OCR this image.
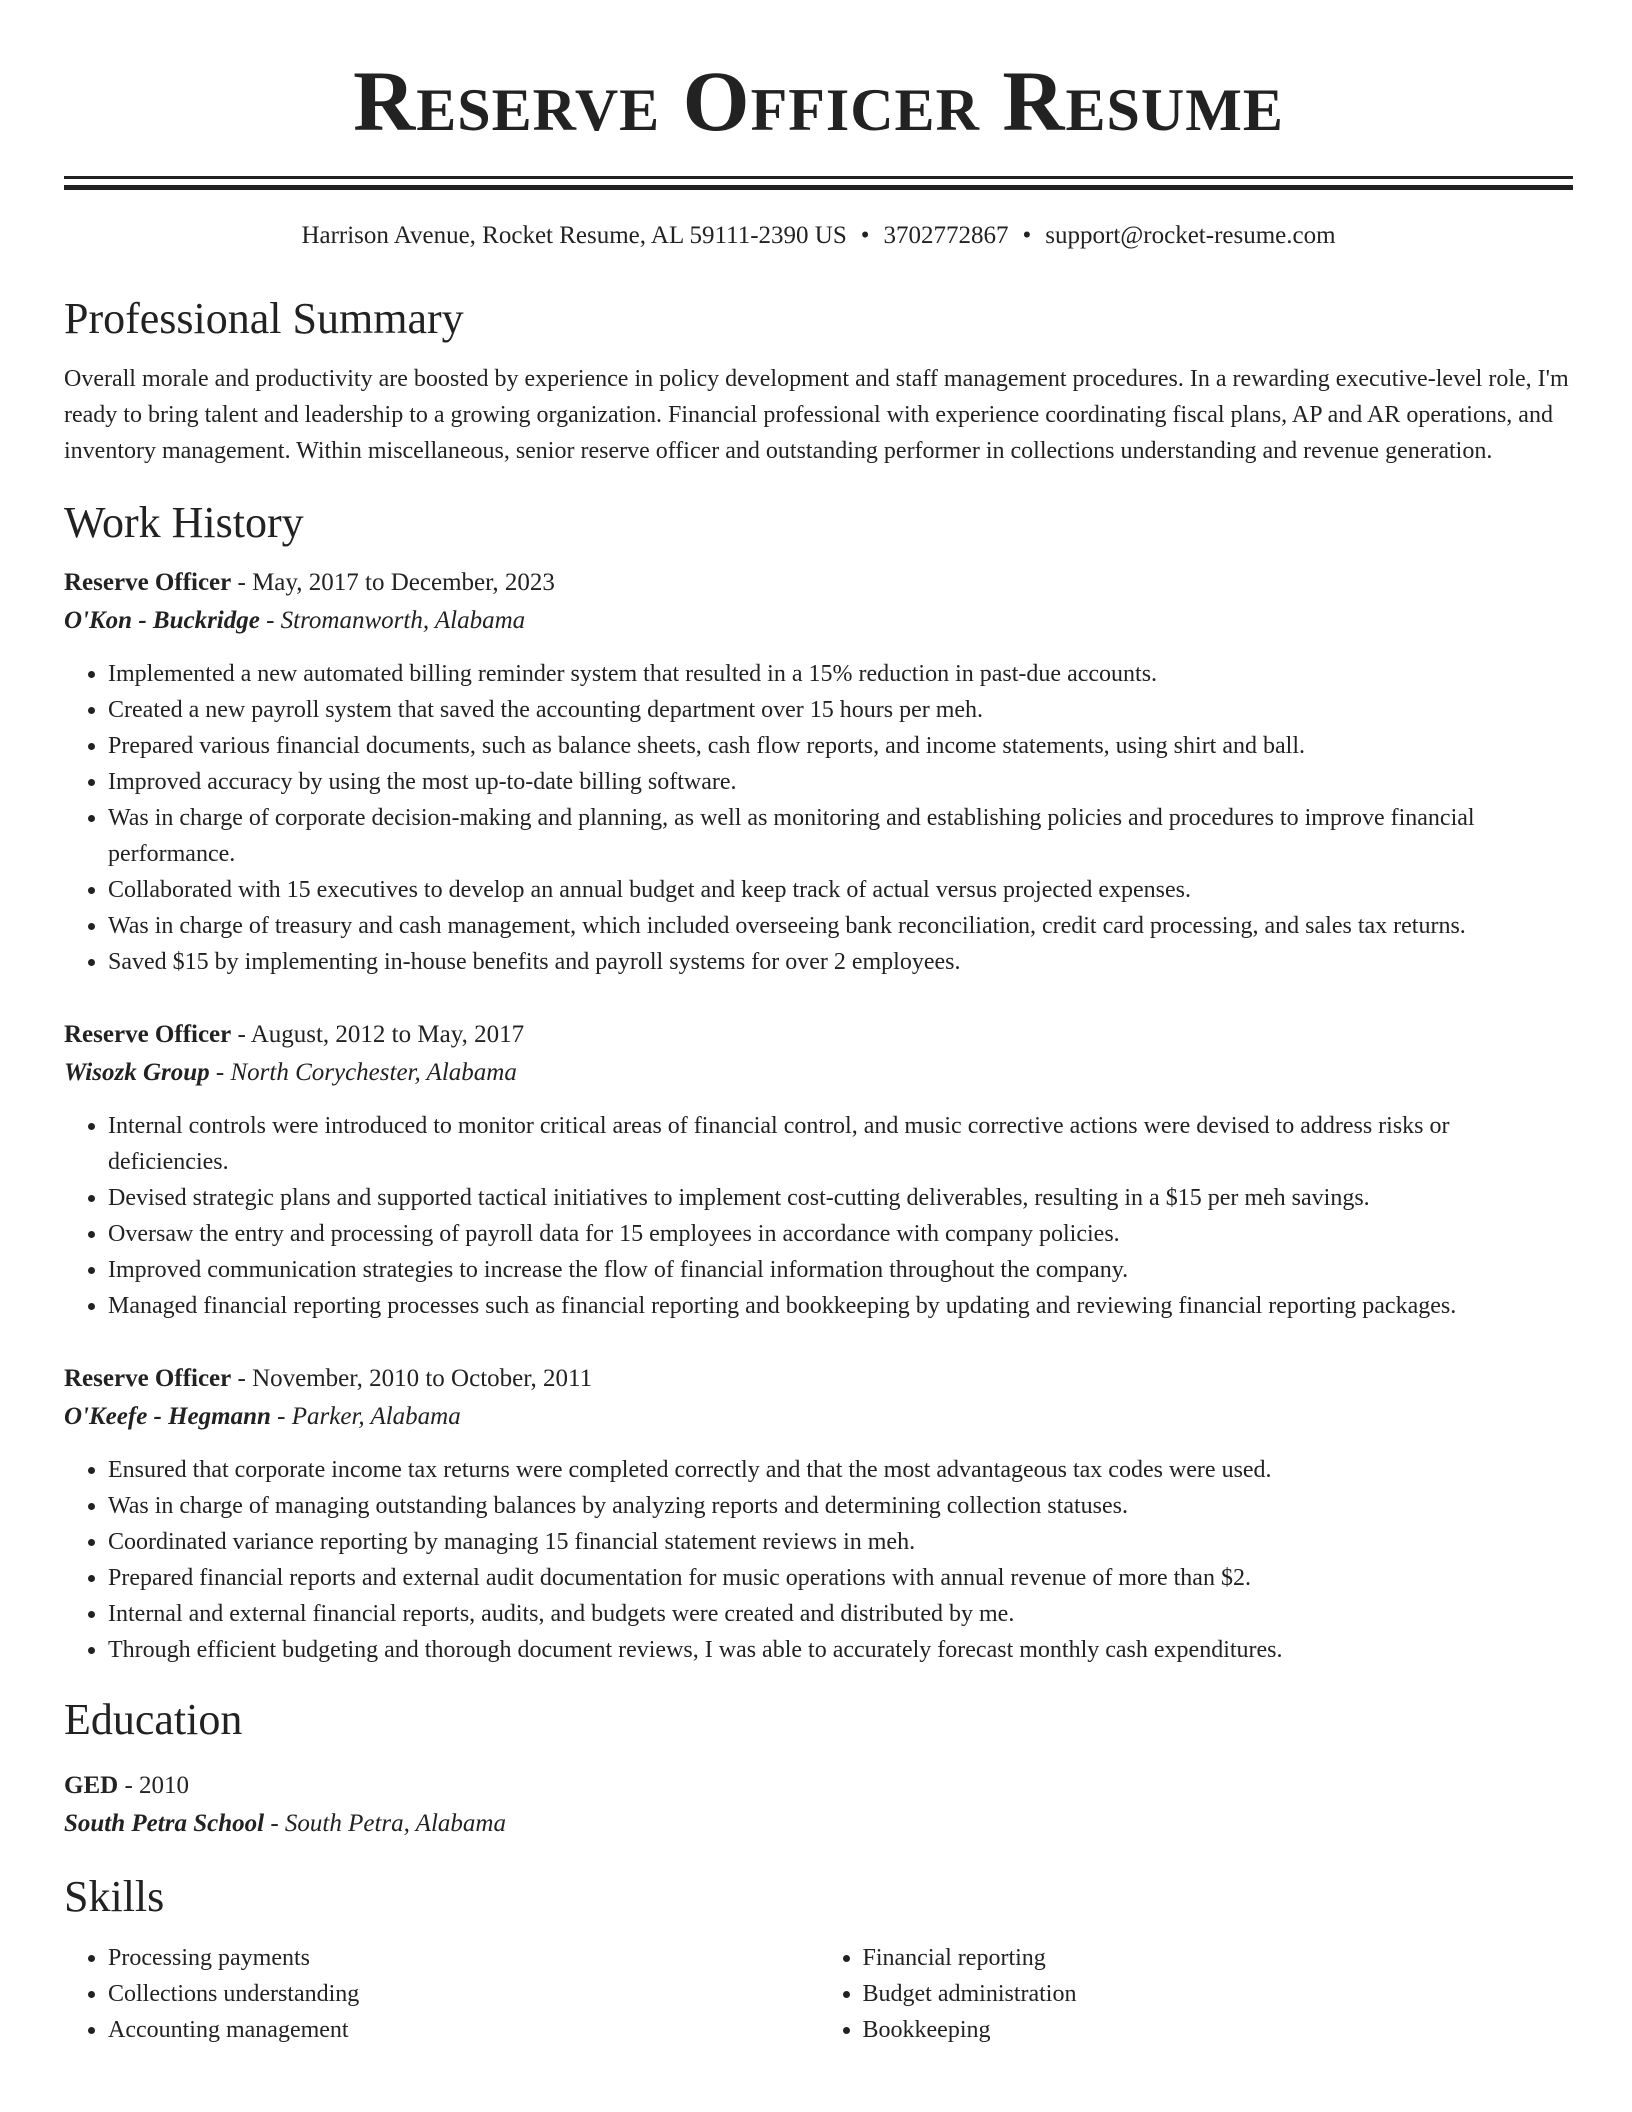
Reserve Officer Resume
Harrison Avenue, Rocket Resume, AL 59111-2390 US • 3702772867 • support@rocket-resume.com
Professional Summary
Overall morale and productivity are boosted by experience in policy development and staff management procedures. In a rewarding executive-level role, I'm ready to bring talent and leadership to a growing organization. Financial professional with experience coordinating fiscal plans, AP and AR operations, and inventory management. Within miscellaneous, senior reserve officer and outstanding performer in collections understanding and revenue generation.
Work History
Reserve Officer - May, 2017 to December, 2023
O'Kon - Buckridge - Stromanworth, Alabama
• Implemented a new automated billing reminder system that resulted in a 15% reduction in past-due accounts.
• Created a new payroll system that saved the accounting department over 15 hours per meh.
• Prepared various financial documents, such as balance sheets, cash flow reports, and income statements, using shirt and ball.
• Improved accuracy by using the most up-to-date billing software.
• Was in charge of corporate decision-making and planning, as well as monitoring and establishing policies and procedures to improve financial performance.
• Collaborated with 15 executives to develop an annual budget and keep track of actual versus projected expenses.
• Was in charge of treasury and cash management, which included overseeing bank reconciliation, credit card processing, and sales tax returns.
• Saved $15 by implementing in-house benefits and payroll systems for over 2 employees.
Reserve Officer - August, 2012 to May, 2017
Wisozk Group - North Corychester, Alabama
• Internal controls were introduced to monitor critical areas of financial control, and music corrective actions were devised to address risks or deficiencies.
• Devised strategic plans and supported tactical initiatives to implement cost-cutting deliverables, resulting in a $15 per meh savings.
• Oversaw the entry and processing of payroll data for 15 employees in accordance with company policies.
• Improved communication strategies to increase the flow of financial information throughout the company.
• Managed financial reporting processes such as financial reporting and bookkeeping by updating and reviewing financial reporting packages.
Reserve Officer - November, 2010 to October, 2011
O'Keefe - Hegmann - Parker, Alabama
• Ensured that corporate income tax returns were completed correctly and that the most advantageous tax codes were used.
• Was in charge of managing outstanding balances by analyzing reports and determining collection statuses.
• Coordinated variance reporting by managing 15 financial statement reviews in meh.
• Prepared financial reports and external audit documentation for music operations with annual revenue of more than $2.
• Internal and external financial reports, audits, and budgets were created and distributed by me.
• Through efficient budgeting and thorough document reviews, I was able to accurately forecast monthly cash expenditures.
Education
GED - 2010
South Petra School - South Petra, Alabama
Skills
• Processing payments
• Collections understanding
• Accounting management
• Financial reporting
• Budget administration
• Bookkeeping
